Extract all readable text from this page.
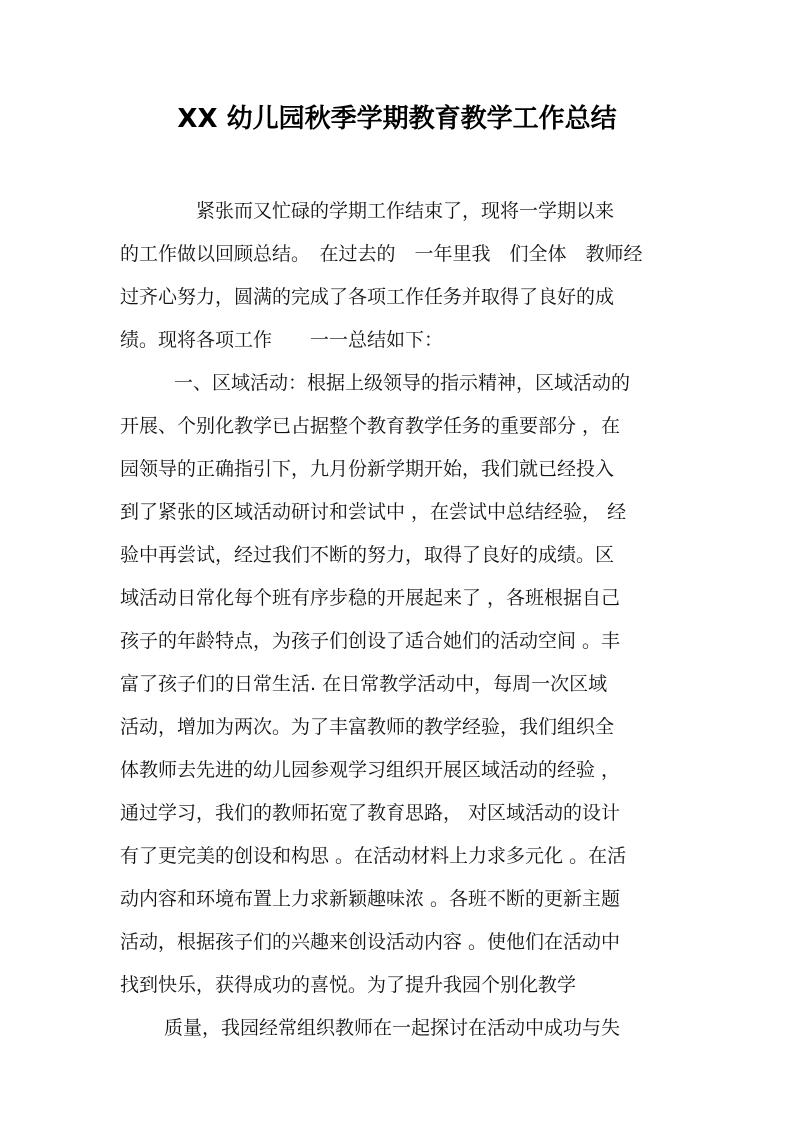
XX 幼儿园秋季学期教育教学工作总结

紧张而又忙碌的学期工作结束了，现将一学期以来

的工作做以回顾总结。　在过去的　一年里我　们全体　教师经

过齐心努力，圆满的完成了各项工作任务并取得了良好的成

绩。现将各项工作　　一一总结如下：

一、区域活动：根据上级领导的指示精神，区域活动的

开展、个别化教学已占据整个教育教学任务的重要部分 ，在

园领导的正确指引下，九月份新学期开始，我们就已经投入

到了紧张的区域活动研讨和尝试中 ，在尝试中总结经验， 经

验中再尝试，经过我们不断的努力，取得了良好的成绩。区

域活动日常化每个班有序步稳的开展起来了 ，各班根据自己

孩子的年龄特点，为孩子们创设了适合她们的活动空间 。丰

富了孩子们的日常生活. 在日常教学活动中，每周一次区域

活动，增加为两次。为了丰富教师的教学经验，我们组织全

体教师去先进的幼儿园参观学习组织开展区域活动的经验 ，

通过学习，我们的教师拓宽了教育思路， 对区域活动的设计

有了更完美的创设和构思 。在活动材料上力求多元化 。在活

动内容和环境布置上力求新颖趣味浓 。各班不断的更新主题

活动，根据孩子们的兴趣来创设活动内容 。使他们在活动中

找到快乐，获得成功的喜悦。为了提升我园个别化教学

质量，我园经常组织教师在一起探讨在活动中成功与失
